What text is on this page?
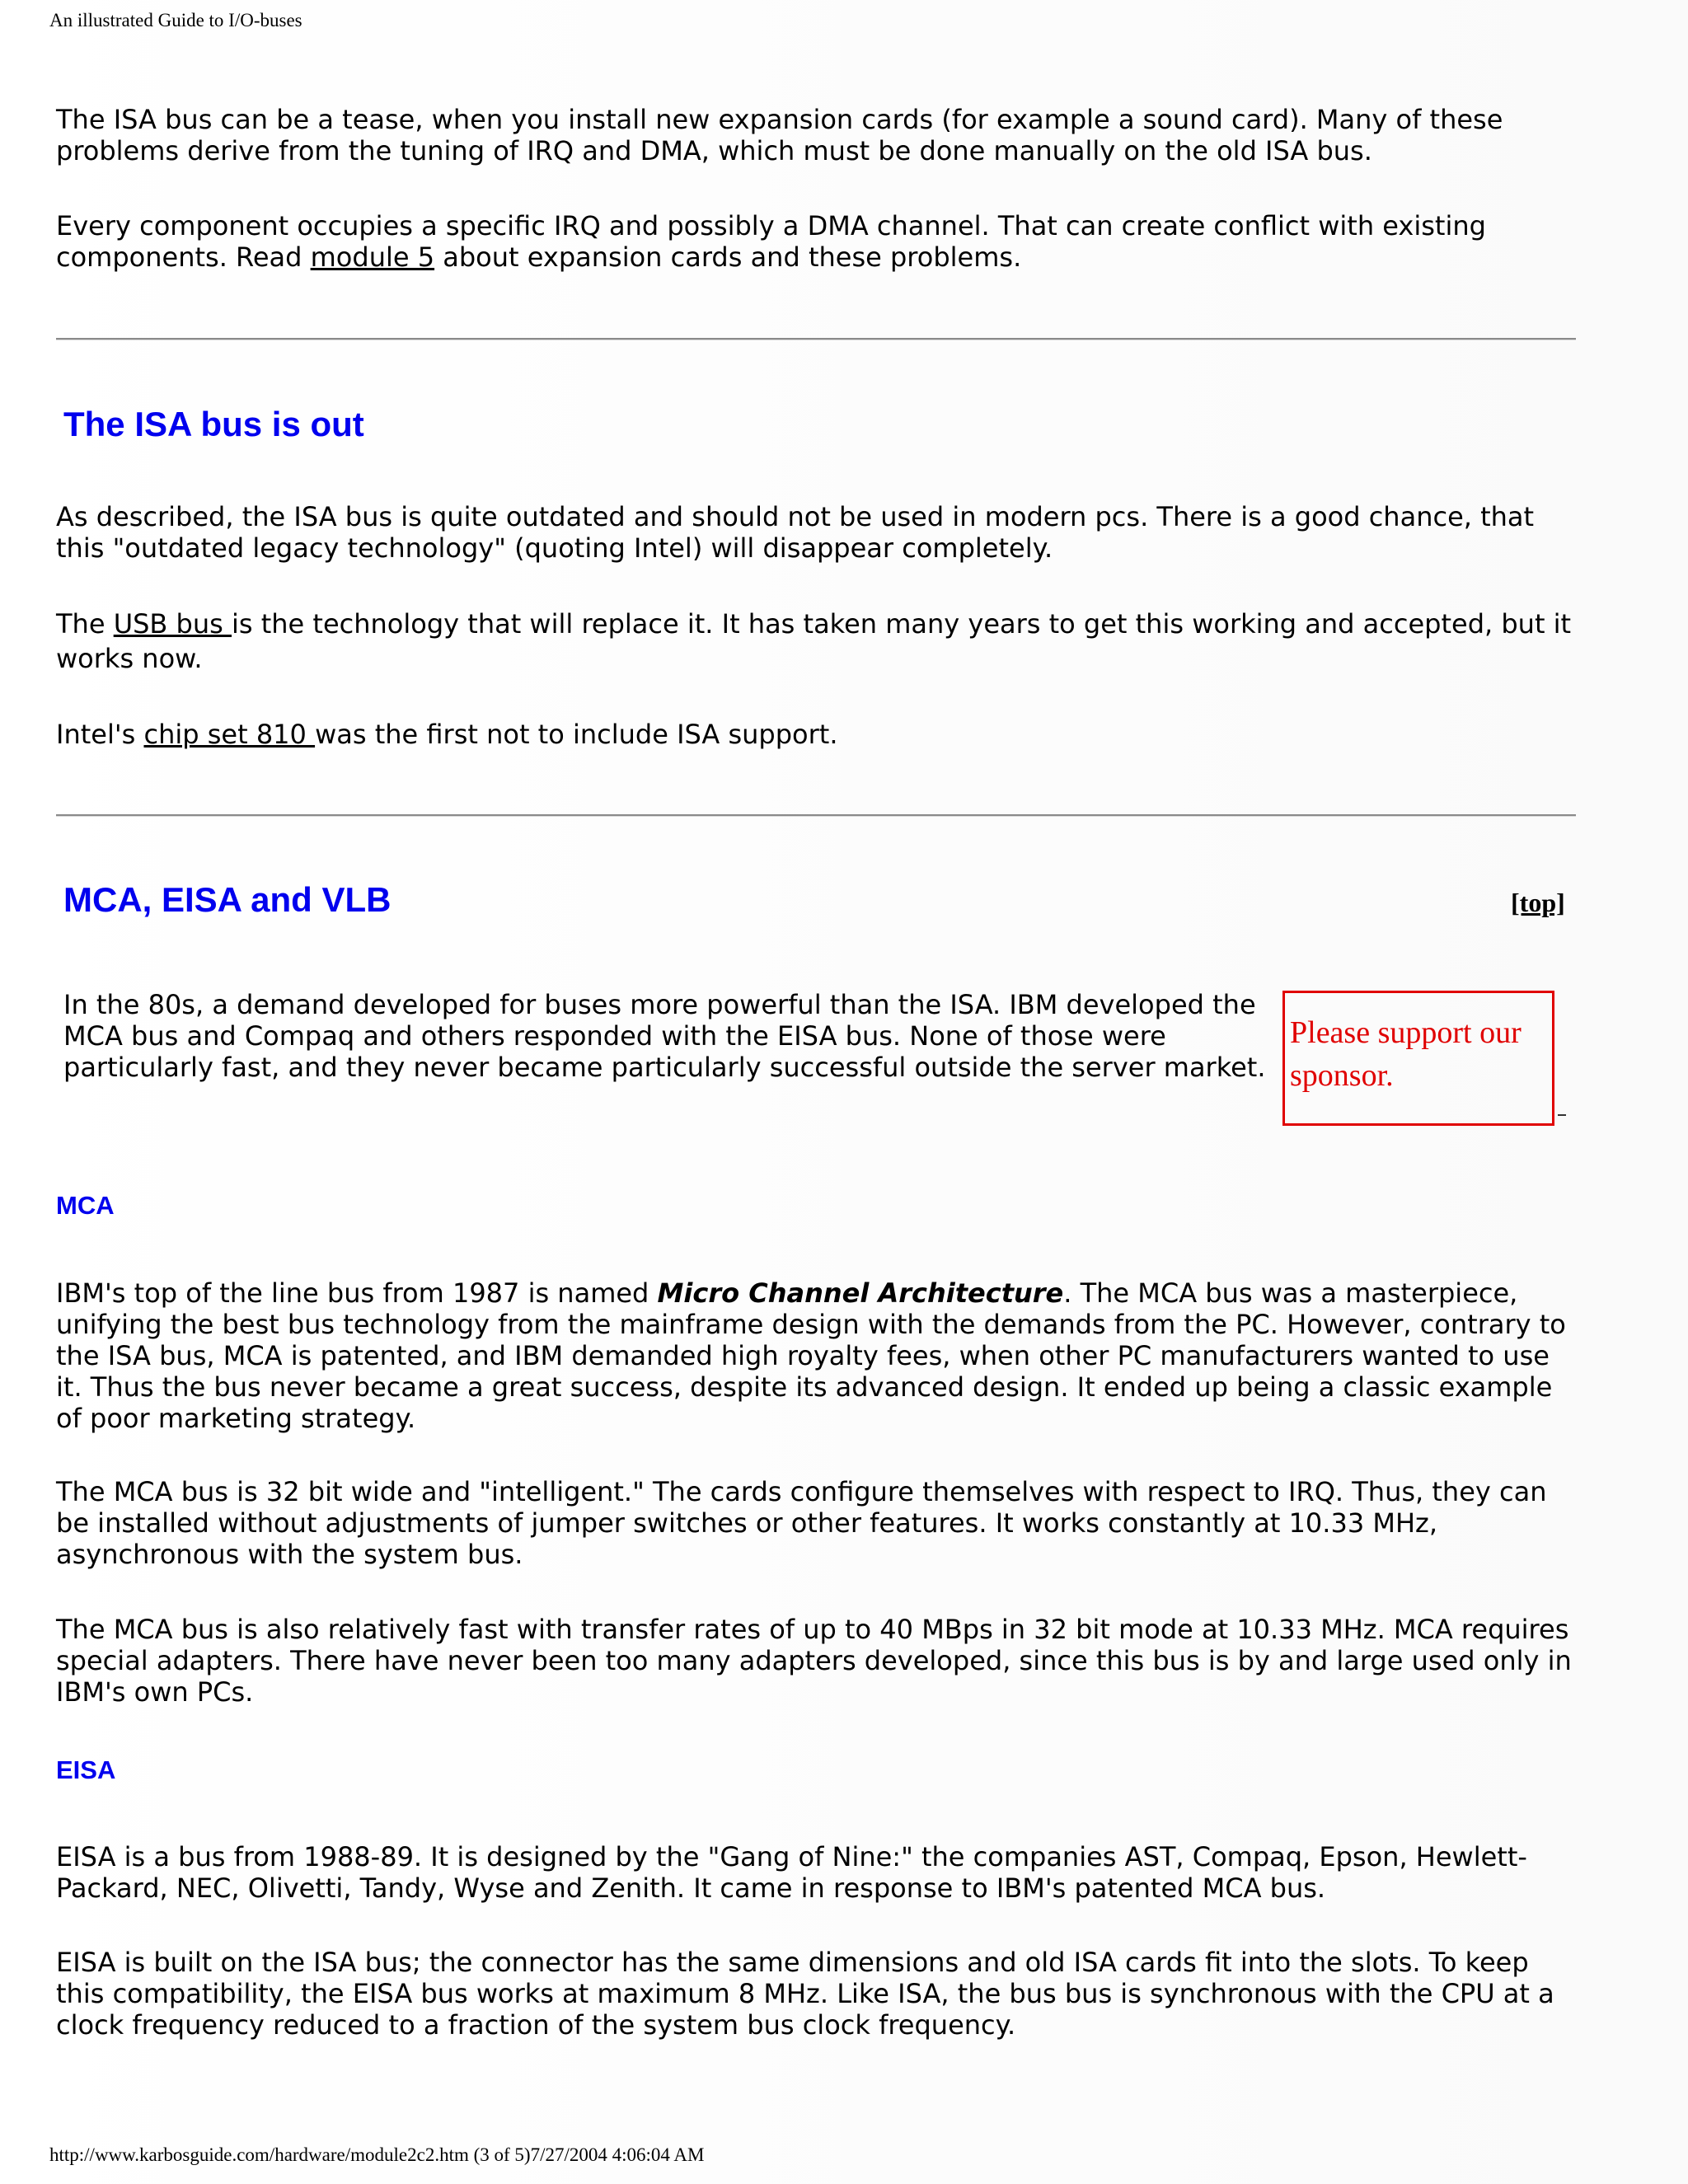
An illustrated Guide to I/O-buses

The ISA bus can be a tease, when you install new expansion cards (for example a sound card). Many of these problems derive from the tuning of IRQ and DMA, which must be done manually on the old ISA bus.

Every component occupies a specific IRQ and possibly a DMA channel. That can create conflict with existing components. Read module 5 about expansion cards and these problems.

The ISA bus is out

As described, the ISA bus is quite outdated and should not be used in modern pcs. There is a good chance, that this "outdated legacy technology" (quoting Intel) will disappear completely.

The USB bus is the technology that will replace it. It has taken many years to get this working and accepted, but it works now.

Intel's chip set 810 was the first not to include ISA support.

MCA, EISA and VLB	[top]

In the 80s, a demand developed for buses more powerful than the ISA. IBM developed the MCA bus and Compaq and others responded with the EISA bus. None of those were particularly fast, and they never became particularly successful outside the server market.

Please support our sponsor.
MCA

IBM's top of the line bus from 1987 is named Micro Channel Architecture. The MCA bus was a masterpiece, unifying the best bus technology from the mainframe design with the demands from the PC. However, contrary to the ISA bus, MCA is patented, and IBM demanded high royalty fees, when other PC manufacturers wanted to use it. Thus the bus never became a great success, despite its advanced design. It ended up being a classic example of poor marketing strategy.

The MCA bus is 32 bit wide and "intelligent." The cards configure themselves with respect to IRQ. Thus, they can be installed without adjustments of jumper switches or other features. It works constantly at 10.33 MHz, asynchronous with the system bus.

The MCA bus is also relatively fast with transfer rates of up to 40 MBps in 32 bit mode at 10.33 MHz. MCA requires special adapters. There have never been too many adapters developed, since this bus is by and large used only in IBM's own PCs.

EISA

EISA is a bus from 1988-89. It is designed by the "Gang of Nine:" the companies AST, Compaq, Epson, Hewlett-Packard, NEC, Olivetti, Tandy, Wyse and Zenith. It came in response to IBM's patented MCA bus.

EISA is built on the ISA bus; the connector has the same dimensions and old ISA cards fit into the slots. To keep this compatibility, the EISA bus works at maximum 8 MHz. Like ISA, the bus bus is synchronous with the CPU at a clock frequency reduced to a fraction of the system bus clock frequency.

http://www.karbosguide.com/hardware/module2c2.htm (3 of 5)7/27/2004 4:06:04 AM
